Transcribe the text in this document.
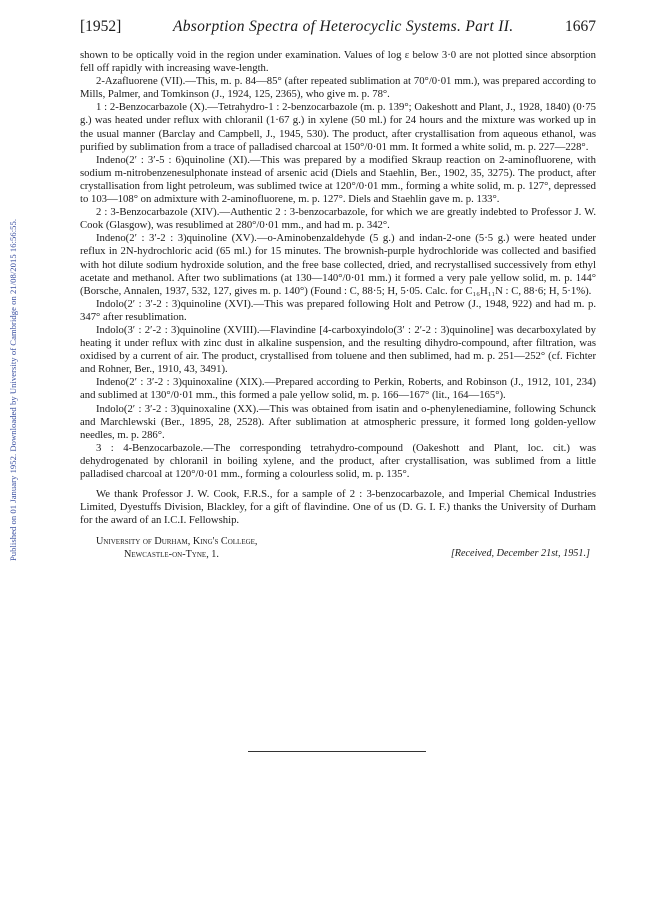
Published on 01 January 1952. Downloaded by University of Cambridge on 21/08/2015 16:56:55.
[1952]	Absorption Spectra of Heterocyclic Systems. Part II.	1667

shown to be optically void in the region under examination. Values of log ε below 3·0 are not plotted since absorption fell off rapidly with increasing wave-length.

2-Azafluorene (VII).—This, m. p. 84—85° (after repeated sublimation at 70°/0·01 mm.), was prepared according to Mills, Palmer, and Tomkinson (J., 1924, 125, 2365), who give m. p. 78°.

1 : 2-Benzocarbazole (X).—Tetrahydro-1 : 2-benzocarbazole (m. p. 139°; Oakeshott and Plant, J., 1928, 1840) (0·75 g.) was heated under reflux with chloranil (1·67 g.) in xylene (50 ml.) for 24 hours and the mixture was worked up in the usual manner (Barclay and Campbell, J., 1945, 530). The product, after crystallisation from aqueous ethanol, was purified by sublimation from a trace of palladised charcoal at 150°/0·01 mm. It formed a white solid, m. p. 227—228°.

Indeno(2′ : 3′-5 : 6)quinoline (XI).—This was prepared by a modified Skraup reaction on 2-aminofluorene, with sodium m-nitrobenzenesulphonate instead of arsenic acid (Diels and Staehlin, Ber., 1902, 35, 3275). The product, after crystallisation from light petroleum, was sublimed twice at 120°/0·01 mm., forming a white solid, m. p. 127°, depressed to 103—108° on admixture with 2-aminofluorene, m. p. 127°. Diels and Staehlin gave m. p. 133°.

2 : 3-Benzocarbazole (XIV).—Authentic 2 : 3-benzocarbazole, for which we are greatly indebted to Professor J. W. Cook (Glasgow), was resublimed at 280°/0·01 mm., and had m. p. 342°.

Indeno(2′ : 3′-2 : 3)quinoline (XV).—o-Aminobenzaldehyde (5 g.) and indan-2-one (5·5 g.) were heated under reflux in 2N-hydrochloric acid (65 ml.) for 15 minutes. The brownish-purple hydrochloride was collected and basified with hot dilute sodium hydroxide solution, and the free base collected, dried, and recrystallised successively from ethyl acetate and methanol. After two sublimations (at 130—140°/0·01 mm.) it formed a very pale yellow solid, m. p. 144° (Borsche, Annalen, 1937, 532, 127, gives m. p. 140°) (Found : C, 88·5; H, 5·05. Calc. for C₁₆H₁₁N : C, 88·6; H, 5·1%).

Indolo(2′ : 3′-2 : 3)quinoline (XVI).—This was prepared following Holt and Petrow (J., 1948, 922) and had m. p. 347° after resublimation.

Indolo(3′ : 2′-2 : 3)quinoline (XVIII).—Flavindine [4-carboxyindolo(3′ : 2′-2 : 3)quinoline] was decarboxylated by heating it under reflux with zinc dust in alkaline suspension, and the resulting dihydro-compound, after filtration, was oxidised by a current of air. The product, crystallised from toluene and then sublimed, had m. p. 251—252° (cf. Fichter and Rohner, Ber., 1910, 43, 3491).

Indeno(2′ : 3′-2 : 3)quinoxaline (XIX).—Prepared according to Perkin, Roberts, and Robinson (J., 1912, 101, 234) and sublimed at 130°/0·01 mm., this formed a pale yellow solid, m. p. 166—167° (lit., 164—165°).

Indolo(2′ : 3′-2 : 3)quinoxaline (XX).—This was obtained from isatin and o-phenylenediamine, following Schunck and Marchlewski (Ber., 1895, 28, 2528). After sublimation at atmospheric pressure, it formed long golden-yellow needles, m. p. 286°.

3 : 4-Benzocarbazole.—The corresponding tetrahydro-compound (Oakeshott and Plant, loc. cit.) was dehydrogenated by chloranil in boiling xylene, and the product, after crystallisation, was sublimed from a little palladised charcoal at 120°/0·01 mm., forming a colourless solid, m. p. 135°.

We thank Professor J. W. Cook, F.R.S., for a sample of 2 : 3-benzocarbazole, and Imperial Chemical Industries Limited, Dyestuffs Division, Blackley, for a gift of flavindine. One of us (D. G. I. F.) thanks the University of Durham for the award of an I.C.I. Fellowship.

University of Durham, King's College,
Newcastle-on-Tyne, 1.	[Received, December 21st, 1951.]
